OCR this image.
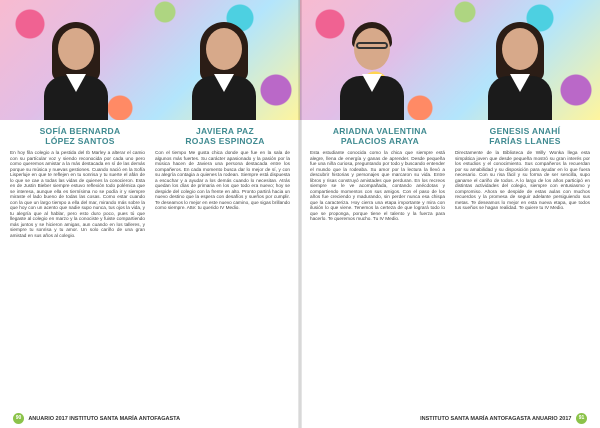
SOFÍA BERNARDA
LÓPEZ SANTOS
JAVIERA PAZ
ROJAS ESPINOZA

En hoy fila colegio a la pestida del Ib Marley a alterar el camio con su partícular voz y siendo reconocida por cada uno pero como queremos amistar a la más destacada en sí de las demás porque su música y nuevas gestiones. Cuando nació en la Sofía Lisperluje en que te reflejen en tu sonrisa y tu suerte el afán de lo que se cae a todas las vidas de quienes la conocieron. Esta en de Justin Bieber siempre estuvo reflexión todo polémica que se interesa, aunque ella es tiernísima no se podía ir y siempre miraste el lado bueno de todas las cosas. Como estar cuando con la que un largo tiempo a ella del mar, mirando más sobre la que hoy con un acento que nadie supo nunca, tus ojos la vida, y tu alegría que al hablar, pero esto duro poco, pues tú que llegaste al colegio en marzo y la conociste y fuiste compartiendo más juntos y se hicieron amigas, aun cuando en los talleres, y siempre tu sonrisa y tu amor. Un solo cariño de una gran amistad en sus años al colegio.

Con el tiempo Me gusta chica donde que fue en la sala de algunos más fuertes. Su carácter apasionado y la pasión por la música hacen de Javiera una persona destacada entre los compañeros. En cada momento busca dar lo mejor de sí, y con su alegría contagia a quienes la rodean. Siempre está dispuesta a escuchar y a ayudar a los demás cuando lo necesitan. Atrás quedan los días de primaria en los que todo era nuevo; hoy se despide del colegio con la frente en alto. Pronto partirá hacia un nuevo destino que la espera con desafíos y sueños por cumplir. Te deseamos lo mejor en este nuevo camino, que sigas brillando como siempre. Atte: tu querido IV Medio.

90 ANUARIO 2017 INSTITUTO SANTA MARÍA ANTOFAGASTA
ARIADNA VALENTINA
PALACIOS ARAYA
GENESIS ANAHÍ
FARÍAS LLANES

Esta estudiante conocida como la chica que siempre está alegre, llena de energía y ganas de aprender. Desde pequeña fue una niña curiosa, preguntando por todo y buscando entender el mundo que la rodeaba. Su amor por la lectura la llevó a descubrir historias y personajes que marcaron su vida. Entre libros y risas construyó amistades que perduran. En los recreos siempre se le ve acompañada, contando anécdotas y compartiendo momentos con sus amigos. Con el paso de los años fue creciendo y madurando, sin perder nunca esa chispa que la caracteriza. Hoy cierra una etapa importante y mira con ilusión lo que viene. Tenemos la certeza de que logrará todo lo que se proponga, porque tiene el talento y la fuerza para hacerlo. Te queremos mucho. Tu IV Medio.

Directamente de la Biblioteca de Willy Wonka llega esta simpática joven que desde pequeña mostró su gran interés por los estudios y el conocimiento. Sus compañeros la recuerdan por su amabilidad y su disposición para ayudar en lo que fuera necesario. Con su risa fácil y su forma de ser sencilla, supo ganarse el cariño de todos. A lo largo de los años participó en distintas actividades del colegio, siempre con entusiasmo y compromiso. Ahora se despide de estas aulas con muchos recuerdos y la promesa de seguir adelante persiguiendo sus metas. Te deseamos lo mejor en esta nueva etapa, que todos tus sueños se hagan realidad. Te quiere tu IV Medio.

INSTITUTO SANTA MARÍA ANTOFAGASTA ANUARIO 2017 91
